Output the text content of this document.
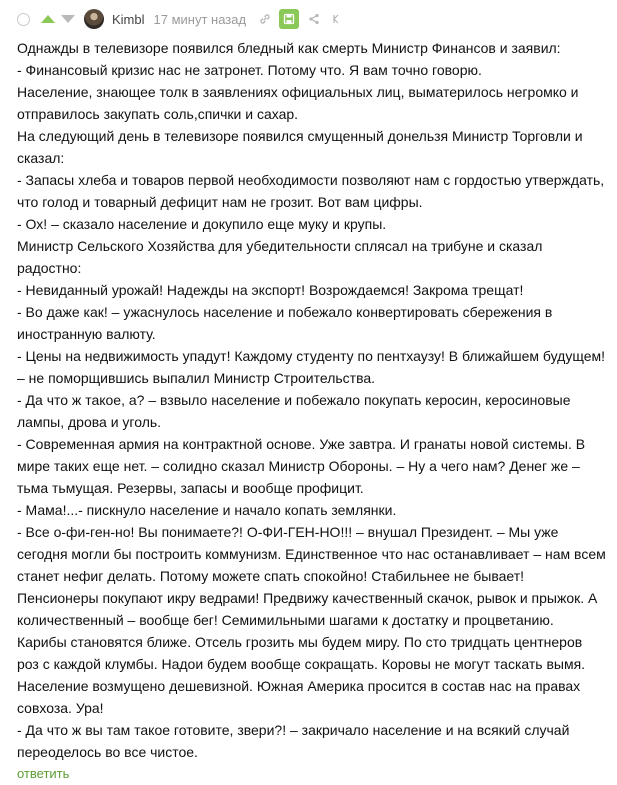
Kimbl 17 минут назад

Однажды в телевизоре появился бледный как смерть Министр Финансов и заявил:

- Финансовый кризис нас не затронет. Потому что. Я вам точно говорю.

Население, знающее толк в заявлениях официальных лиц, выматерилось негромко и отправилось закупать соль,спички и сахар.

На следующий день в телевизоре появился смущенный донельзя Министр Торговли и сказал:

- Запасы хлеба и товаров первой необходимости позволяют нам с гордостью утверждать, что голод и товарный дефицит нам не грозит. Вот вам цифры.

- Ох! – сказало население и докупило еще муку и крупы.

Министр Сельского Хозяйства для убедительности сплясал на трибуне и сказал радостно:

- Невиданный урожай! Надежды на экспорт! Возрождаемся! Закрома трещат!

- Во даже как! – ужаснулось население и побежало конвертировать сбережения в иностранную валюту.

- Цены на недвижимость упадут! Каждому студенту по пентхаузу! В ближайшем будущем! – не поморщившись выпалил Министр Строительства.

- Да что ж такое, а? – взвыло население и побежало покупать керосин, керосиновые лампы, дрова и уголь.

- Современная армия на контрактной основе. Уже завтра. И гранаты новой системы. В мире таких еще нет. – солидно сказал Министр Обороны. – Ну а чего нам? Денег же – тьма тьмущая. Резервы, запасы и вообще профицит.

- Мама!...- пискнуло население и начало копать землянки.

- Все о-фи-ген-но! Вы понимаете?! О-ФИ-ГЕН-НО!!! – внушал Президент. – Мы уже сегодня могли бы построить коммунизм. Единственное что нас останавливает – нам всем станет нефиг делать. Потому можете спать спокойно! Стабильнее не бывает! Пенсионеры покупают икру ведрами! Предвижу качественный скачок, рывок и прыжок. А количественный – вообще бег! Семимильными шагами к достатку и процветанию. Карибы становятся ближе. Отсель грозить мы будем миру. По сто тридцать центнеров роз с каждой клумбы. Надои будем вообще сокращать. Коровы не могут таскать вымя. Население возмущено дешевизной. Южная Америка просится в состав нас на правах совхоза. Ура!

- Да что ж вы там такое готовите, звери?! – закричало население и на всякий случай переоделось во все чистое.

ответить
